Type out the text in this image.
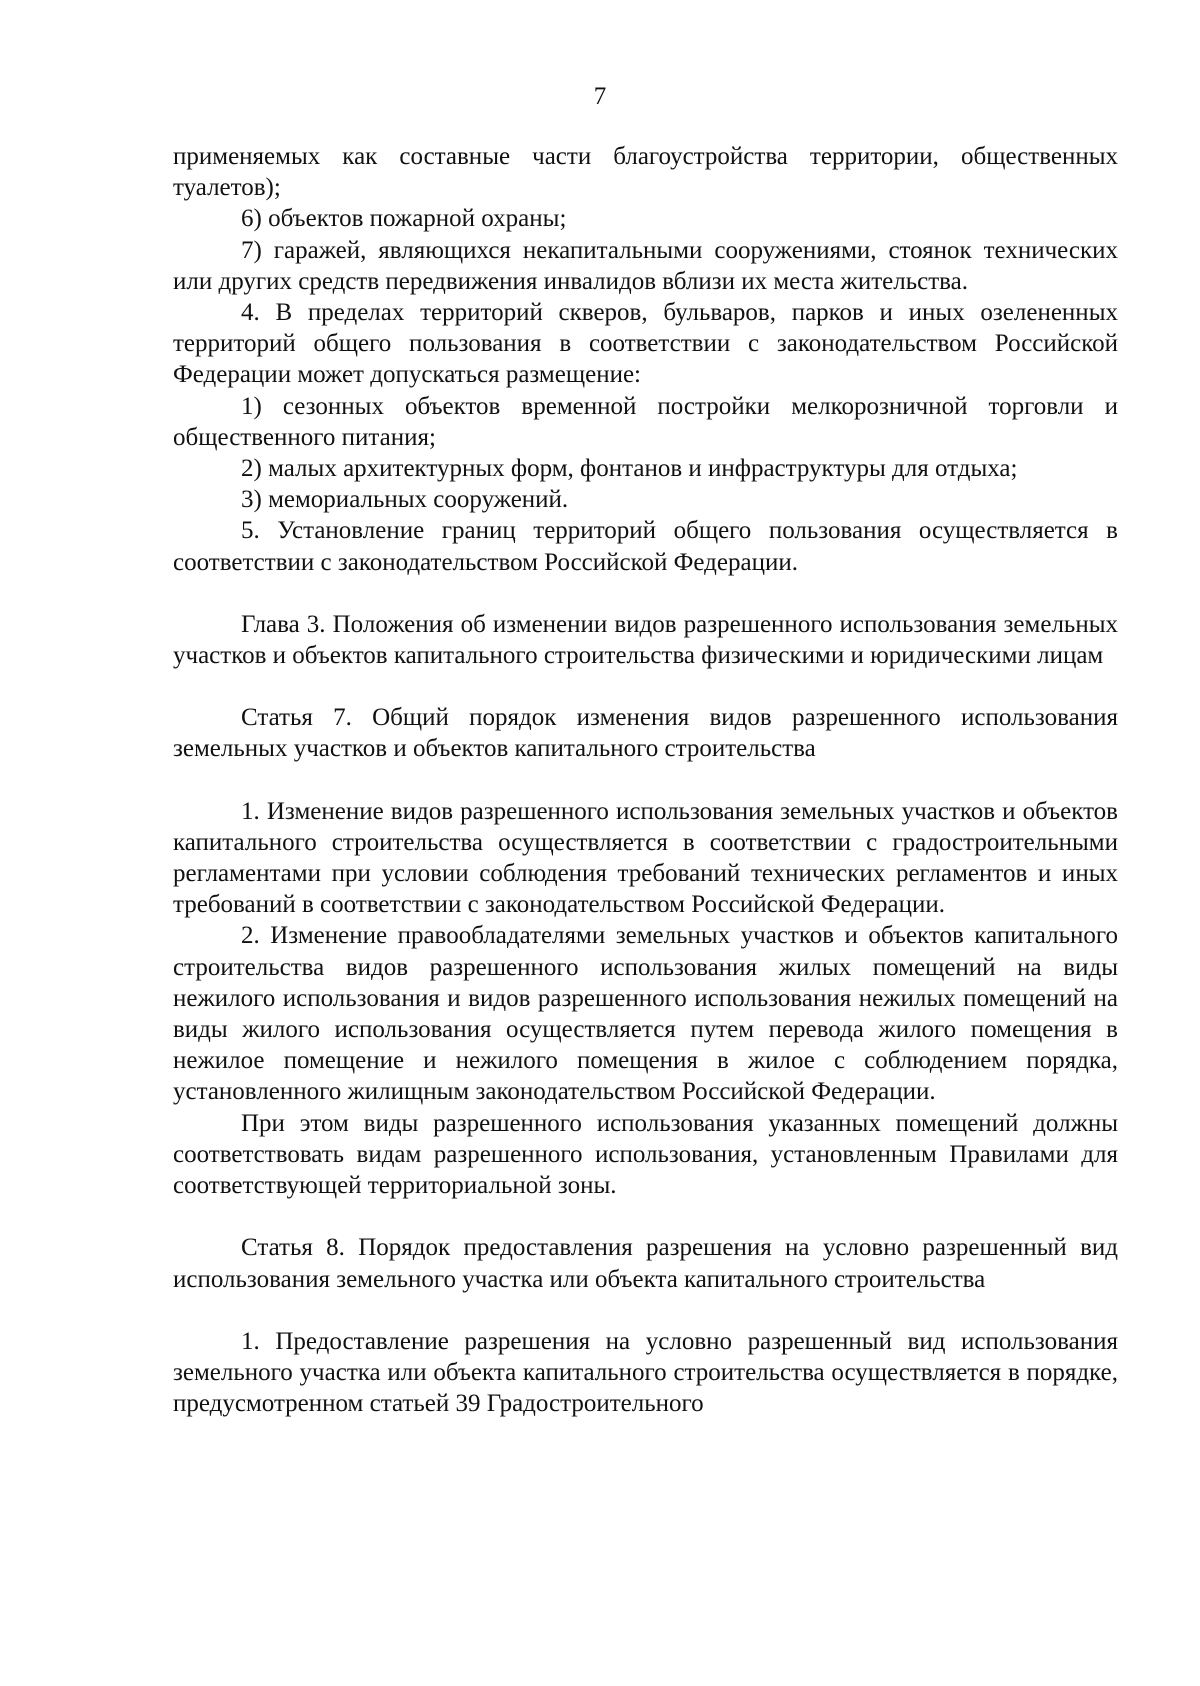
7

применяемых как составные части благоустройства территории, общественных туалетов);

6) объектов пожарной охраны;

7) гаражей, являющихся некапитальными сооружениями, стоянок технических или других средств передвижения инвалидов вблизи их места жительства.

4. В пределах территорий скверов, бульваров, парков и иных озелененных территорий общего пользования в соответствии с законодательством Российской Федерации может допускаться размещение:

1) сезонных объектов временной постройки мелкорозничной торговли и общественного питания;

2) малых архитектурных форм, фонтанов и инфраструктуры для отдыха;

3) мемориальных сооружений.

5. Установление границ территорий общего пользования осуществляется в соответствии с законодательством Российской Федерации.

Глава 3. Положения об изменении видов разрешенного использования земельных участков и объектов капитального строительства физическими и юридическими лицам

Статья 7. Общий порядок изменения видов разрешенного использования земельных участков и объектов капитального строительства

1. Изменение видов разрешенного использования земельных участков и объектов капитального строительства осуществляется в соответствии с градостроительными регламентами при условии соблюдения требований технических регламентов и иных требований в соответствии с законодательством Российской Федерации.

2. Изменение правообладателями земельных участков и объектов капитального строительства видов разрешенного использования жилых помещений на виды нежилого использования и видов разрешенного использования нежилых помещений на виды жилого использования осуществляется путем перевода жилого помещения в нежилое помещение и нежилого помещения в жилое с соблюдением порядка, установленного жилищным законодательством Российской Федерации.

При этом виды разрешенного использования указанных помещений должны соответствовать видам разрешенного использования, установленным Правилами для соответствующей территориальной зоны.

Статья 8. Порядок предоставления разрешения на условно разрешенный вид использования земельного участка или объекта капитального строительства

1. Предоставление разрешения на условно разрешенный вид использования земельного участка или объекта капитального строительства осуществляется в порядке, предусмотренном статьей 39 Градостроительного
